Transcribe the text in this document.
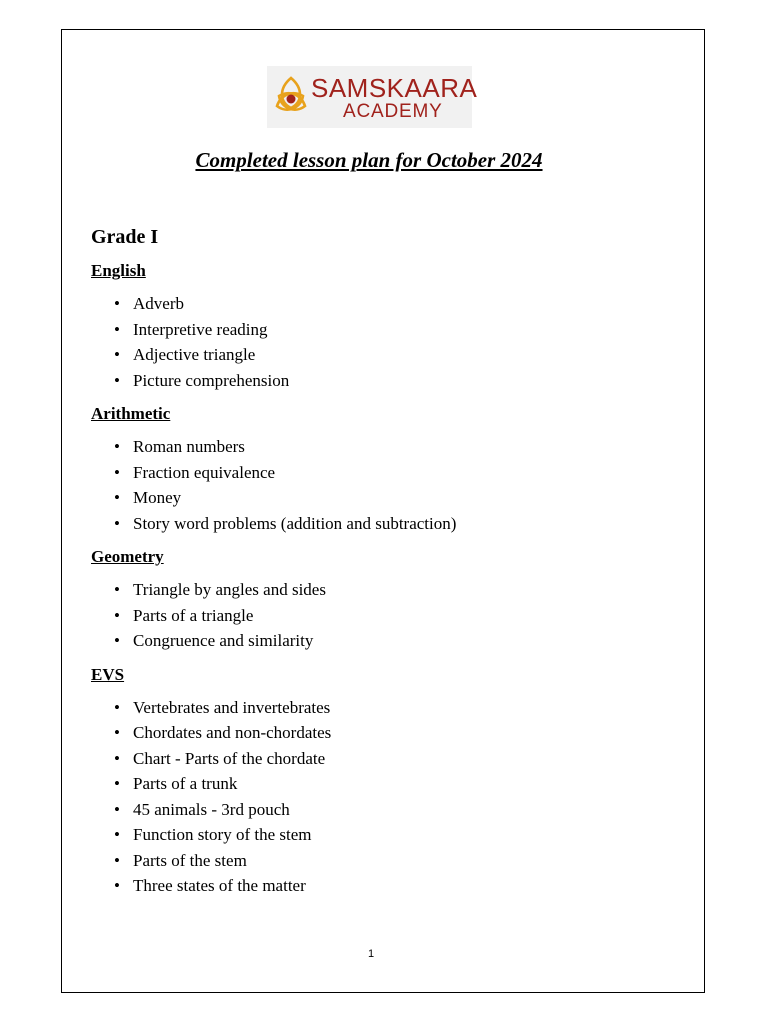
SAMSKAARA
ACADEMY
Completed lesson plan for October 2024
Grade I
English
• Adverb
• Interpretive reading
• Adjective triangle
• Picture comprehension
Arithmetic
• Roman numbers
• Fraction equivalence
• Money
• Story word problems (addition and subtraction)
Geometry
• Triangle by angles and sides
• Parts of a triangle
• Congruence and similarity
EVS
• Vertebrates and invertebrates
• Chordates and non-chordates
• Chart - Parts of the chordate
• Parts of a trunk
• 45 animals - 3rd pouch
• Function story of the stem
• Parts of the stem
• Three states of the matter
1
